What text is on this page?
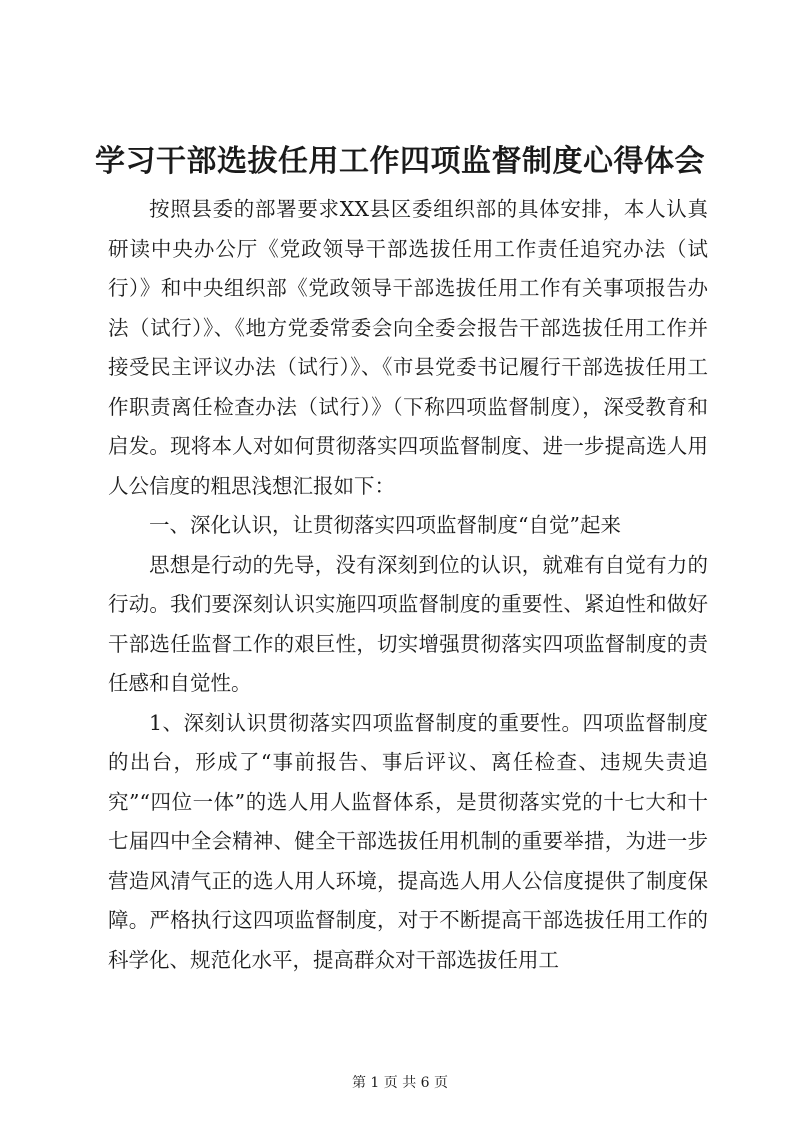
学习干部选拔任用工作四项监督制度心得体会

按照县委的部署要求XX县区委组织部的具体安排，本人认真研读中央办公厅《党政领导干部选拔任用工作责任追究办法（试行）》和中央组织部《党政领导干部选拔任用工作有关事项报告办法（试行）》、《地方党委常委会向全委会报告干部选拔任用工作并接受民主评议办法（试行）》、《市县党委书记履行干部选拔任用工作职责离任检查办法（试行）》（下称四项监督制度），深受教育和启发。现将本人对如何贯彻落实四项监督制度、进一步提高选人用人公信度的粗思浅想汇报如下：

一、深化认识，让贯彻落实四项监督制度“自觉”起来

思想是行动的先导，没有深刻到位的认识，就难有自觉有力的行动。我们要深刻认识实施四项监督制度的重要性、紧迫性和做好干部选任监督工作的艰巨性，切实增强贯彻落实四项监督制度的责任感和自觉性。

1、深刻认识贯彻落实四项监督制度的重要性。四项监督制度的出台，形成了“事前报告、事后评议、离任检查、违规失责追究”“四位一体”的选人用人监督体系，是贯彻落实党的十七大和十七届四中全会精神、健全干部选拔任用机制的重要举措，为进一步营造风清气正的选人用人环境，提高选人用人公信度提供了制度保障。严格执行这四项监督制度，对于不断提高干部选拔任用工作的科学化、规范化水平，提高群众对干部选拔任用工

第 1 页 共 6 页
